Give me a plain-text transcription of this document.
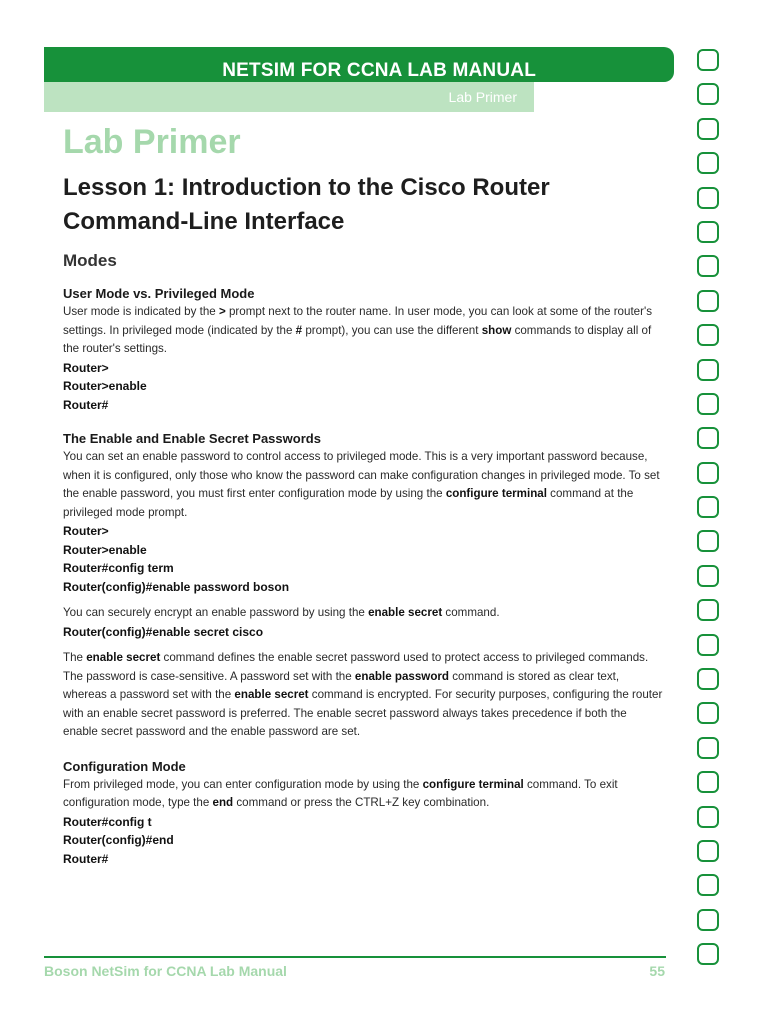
NETSIM FOR CCNA LAB MANUAL
Lab Primer
Lab Primer
Lesson 1: Introduction to the Cisco Router
Command-Line Interface
Modes
User Mode vs. Privileged Mode

User mode is indicated by the > prompt next to the router name. In user mode, you can look at some of the router's settings. In privileged mode (indicated by the # prompt), you can use the different show commands to display all of the router's settings.

Router>
Router>enable
Router#
The Enable and Enable Secret Passwords

You can set an enable password to control access to privileged mode. This is a very important password because, when it is configured, only those who know the password can make configuration changes in privileged mode. To set the enable password, you must first enter configuration mode by using the configure terminal command at the privileged mode prompt.

Router>
Router>enable
Router#config term
Router(config)#enable password boson

You can securely encrypt an enable password by using the enable secret command.

Router(config)#enable secret cisco

The enable secret command defines the enable secret password used to protect access to privileged commands. The password is case-sensitive. A password set with the enable password command is stored as clear text, whereas a password set with the enable secret command is encrypted. For security purposes, configuring the router with an enable secret password is preferred. The enable secret password always takes precedence if both the enable secret password and the enable password are set.

Configuration Mode

From privileged mode, you can enter configuration mode by using the configure terminal command. To exit configuration mode, type the end command or press the CTRL+Z key combination.

Router#config t
Router(config)#end
Router#
Boson NetSim for CCNA Lab Manual	55
